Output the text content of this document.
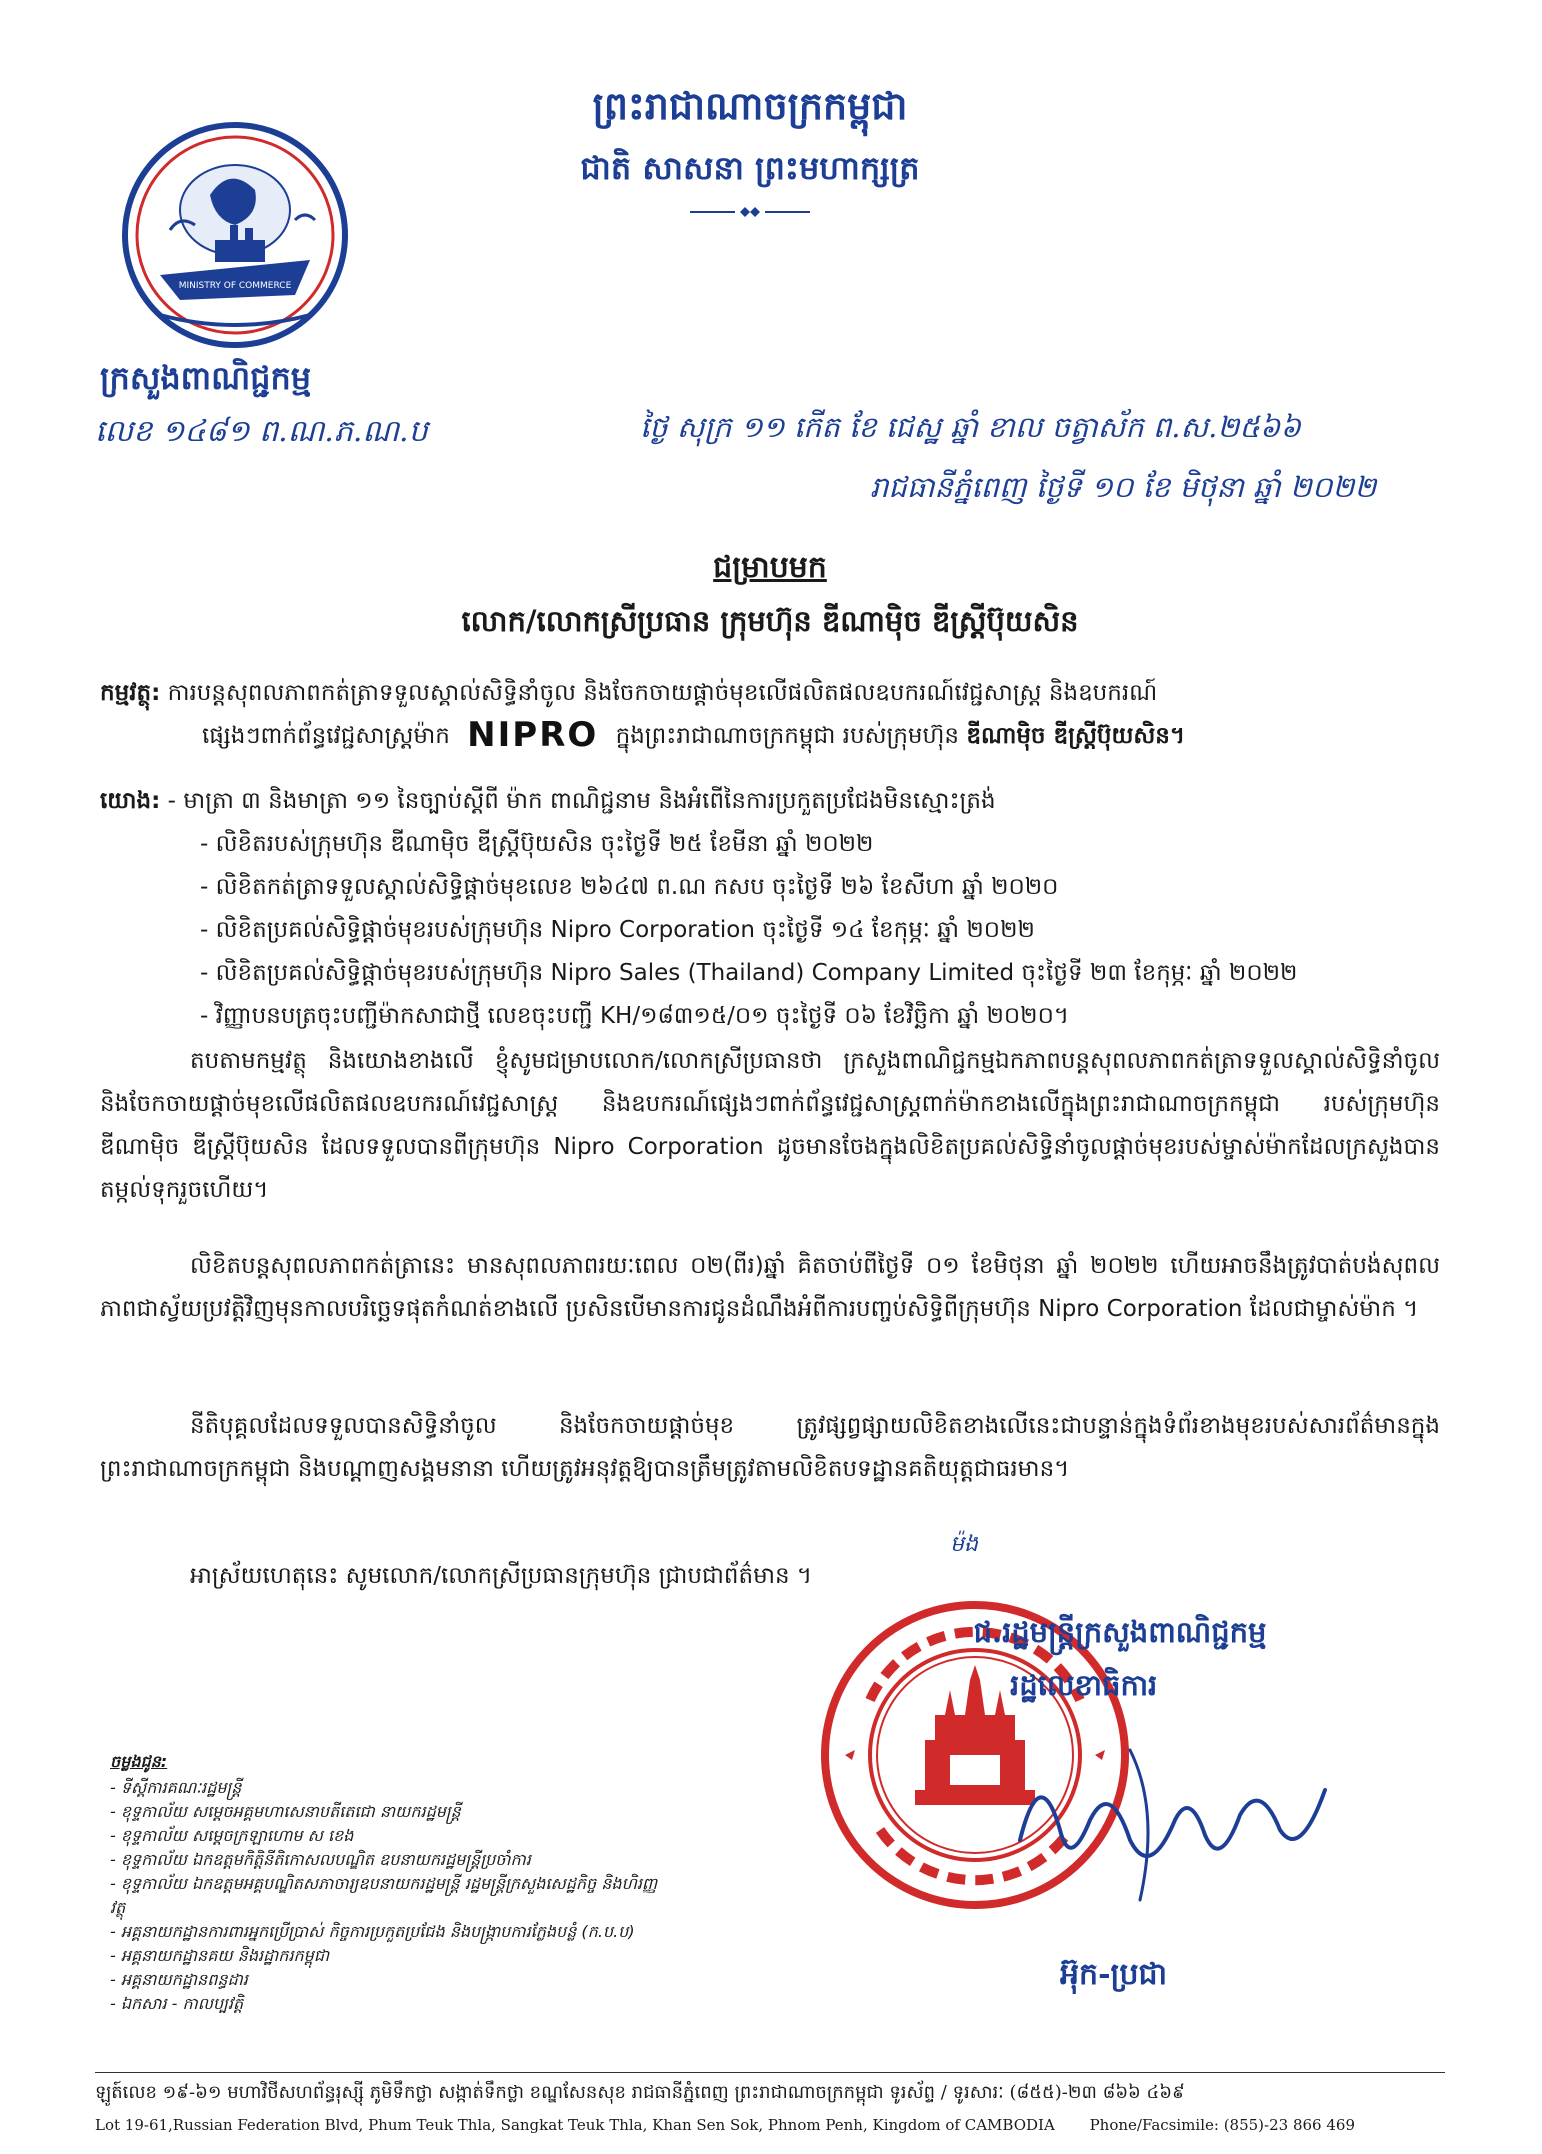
ព្រះរាជាណាចក្រកម្ពុជា
ជាតិ សាសនា ព្រះមហាក្សត្រ
MINISTRY OF COMMERCE
ក្រសួងពាណិជ្ជកម្ម
លេខ ១៤៨១ ព.ណ.ភ.ណ.ប	ថ្ងៃ សុក្រ ១១ កើត ខែ ជេស្ឋ ឆ្នាំ ខាល ចត្វាស័ក ព.ស.២៥៦៦
រាជធានីភ្នំពេញ ថ្ងៃទី ១០ ខែ មិថុនា ឆ្នាំ ២០២២
ជម្រាបមក
លោក/លោកស្រីប្រធាន ក្រុមហ៊ុន ឌីណាម៉ិច ឌីស្ត្រីប៊ុយសិន
កម្មវត្ថុ: ការបន្តសុពលភាពកត់ត្រាទទួលស្គាល់សិទ្ធិនាំចូល និងចែកចាយផ្តាច់មុខលើផលិតផលឧបករណ៍វេជ្ជសាស្ត្រ និងឧបករណ៍
ផ្សេងៗពាក់ព័ន្ធវេជ្ជសាស្ត្រម៉ាក NIPRO ក្នុងព្រះរាជាណាចក្រកម្ពុជា របស់ក្រុមហ៊ុន ឌីណាម៉ិច ឌីស្ត្រីប៊ុយសិន។
យោង: - មាត្រា ៣ និងមាត្រា ១១ នៃច្បាប់ស្តីពី ម៉ាក ពាណិជ្ជនាម និងអំពើនៃការប្រកួតប្រជែងមិនស្មោះត្រង់
- លិខិតរបស់ក្រុមហ៊ុន ឌីណាម៉ិច ឌីស្ត្រីប៊ុយសិន ចុះថ្ងៃទី ២៥ ខែមីនា ឆ្នាំ ២០២២
- លិខិតកត់ត្រាទទួលស្គាល់សិទ្ធិផ្តាច់មុខលេខ ២៦៤៧ ព.ណ កសប ចុះថ្ងៃទី ២៦ ខែសីហា ឆ្នាំ ២០២០
- លិខិតប្រគល់សិទ្ធិផ្តាច់មុខរបស់ក្រុមហ៊ុន Nipro Corporation ចុះថ្ងៃទី ១៤ ខែកុម្ភៈ ឆ្នាំ ២០២២
- លិខិតប្រគល់សិទ្ធិផ្តាច់មុខរបស់ក្រុមហ៊ុន Nipro Sales (Thailand) Company Limited ចុះថ្ងៃទី ២៣ ខែកុម្ភៈ ឆ្នាំ ២០២២
- វិញ្ញាបនបត្រចុះបញ្ជីម៉ាកសាជាថ្មី លេខចុះបញ្ជី KH/១៨៣១៥/០១ ចុះថ្ងៃទី ០៦ ខែវិច្ឆិកា ឆ្នាំ ២០២០។
តបតាមកម្មវត្ថុ និងយោងខាងលើ ខ្ញុំសូមជម្រាបលោក/លោកស្រីប្រធានថា ក្រសួងពាណិជ្ជកម្មឯកភាពបន្តសុពលភាពកត់ត្រាទទួលស្គាល់សិទ្ធិនាំចូល និងចែកចាយផ្តាច់មុខលើផលិតផលឧបករណ៍វេជ្ជសាស្ត្រ និងឧបករណ៍ផ្សេងៗពាក់ព័ន្ធវេជ្ជសាស្ត្រពាក់ម៉ាកខាងលើក្នុងព្រះរាជាណាចក្រកម្ពុជា របស់ក្រុមហ៊ុន ឌីណាម៉ិច ឌីស្ត្រីប៊ុយសិន ដែលទទួលបានពីក្រុមហ៊ុន Nipro Corporation ដូចមានចែងក្នុងលិខិតប្រគល់សិទ្ធិនាំចូលផ្តាច់មុខរបស់ម្ចាស់ម៉ាកដែលក្រសួងបានតម្កល់ទុករួចហើយ។
លិខិតបន្តសុពលភាពកត់ត្រានេះ មានសុពលភាពរយៈពេល ០២(ពីរ)ឆ្នាំ គិតចាប់ពីថ្ងៃទី ០១ ខែមិថុនា ឆ្នាំ ២០២២ ហើយអាចនឹងត្រូវបាត់បង់សុពលភាពជាស្វ័យប្រវត្តិវិញមុនកាលបរិច្ឆេទផុតកំណត់ខាងលើ ប្រសិនបើមានការជូនដំណឹងអំពីការបញ្ចប់សិទ្ធិពីក្រុមហ៊ុន Nipro Corporation ដែលជាម្ចាស់ម៉ាក ។
នីតិបុគ្គលដែលទទួលបានសិទ្ធិនាំចូល និងចែកចាយផ្តាច់មុខ ត្រូវផ្សព្វផ្សាយលិខិតខាងលើនេះជាបន្ទាន់ក្នុងទំព័រខាងមុខរបស់សារព័ត៌មានក្នុងព្រះរាជាណាចក្រកម្ពុជា និងបណ្តាញសង្គមនានា ហើយត្រូវអនុវត្តឱ្យបានត្រឹមត្រូវតាមលិខិតបទដ្ឋានគតិយុត្តជាធរមាន។
អាស្រ័យហេតុនេះ សូមលោក/លោកស្រីប្រធានក្រុមហ៊ុន ជ្រាបជាព័ត៌មាន ។
ម៉ង
ជ.រដ្ឋមន្ត្រីក្រសួងពាណិជ្ជកម្ម
រដ្ឋលេខាធិការ
អ៊ុក-ប្រជា
ចម្លងជូន:
- ទីស្តីការគណៈរដ្ឋមន្ត្រី
- ខុទ្ទកាល័យ សម្តេចអគ្គមហាសេនាបតីតេជោ នាយករដ្ឋមន្ត្រី
- ខុទ្ទកាល័យ សម្តេចក្រឡាហោម ស ខេង
- ខុទ្ទកាល័យ ឯកឧត្តមកិត្តិនីតិកោសលបណ្ឌិត ឧបនាយករដ្ឋមន្ត្រីប្រចាំការ
- ខុទ្ទកាល័យ ឯកឧត្តមអគ្គបណ្ឌិតសភាចារ្យឧបនាយករដ្ឋមន្ត្រី រដ្ឋមន្ត្រីក្រសួងសេដ្ឋកិច្ច និងហិរញ្ញវត្ថុ
- អគ្គនាយកដ្ឋានការពារអ្នកប្រើប្រាស់ កិច្ចការប្រកួតប្រជែង និងបង្ក្រាបការក្លែងបន្លំ (ក.ប.ប)
- អគ្គនាយកដ្ឋានគយ និងរដ្ឋាករកម្ពុជា
- អគ្គនាយកដ្ឋានពន្ធដារ
- ឯកសារ - កាលប្បវត្តិ
ឡូត៍លេខ ១៩-៦១ មហាវិថីសហព័ន្ធរុស្ស៊ី ភូមិទឹកថ្លា សង្កាត់ទឹកថ្លា ខណ្ឌសែនសុខ រាជធានីភ្នំពេញ ព្រះរាជាណាចក្រកម្ពុជា ទូរស័ព្ទ / ទូរសារៈ (៨៥៥)-២៣ ៨៦៦ ៤៦៩
Lot 19-61,Russian Federation Blvd, Phum Teuk Thla, Sangkat Teuk Thla, Khan Sen Sok, Phnom Penh, Kingdom of CAMBODIA Phone/Facsimile: (855)-23 866 469
